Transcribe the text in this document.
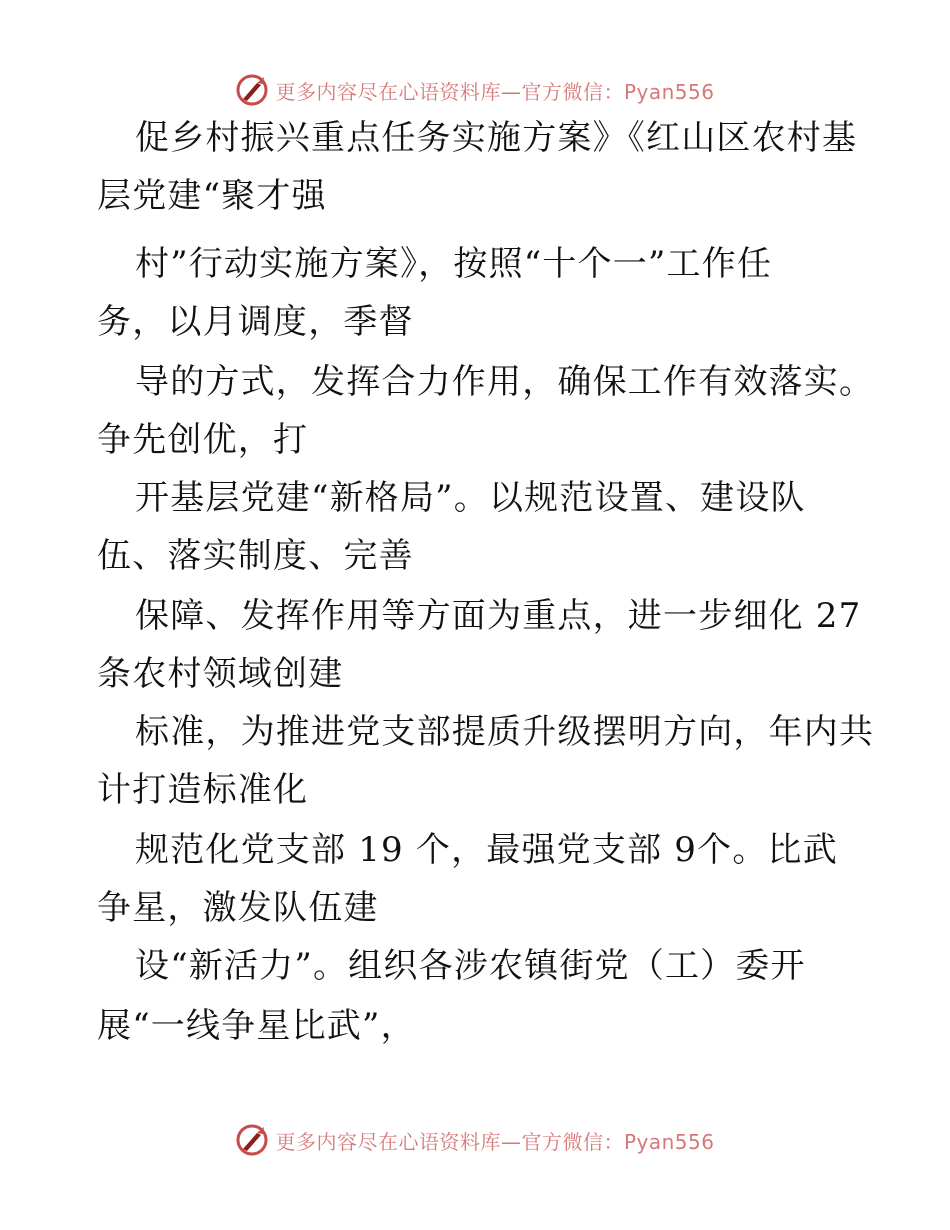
更多内容尽在心语资料库—官方微信：Pyan556
促乡村振兴重点任务实施方案》《红山区农村基
层党建“聚才强
村”行动实施方案》，按照“十个一”工作任
务，以月调度，季督
导的方式，发挥合力作用，确保工作有效落实。
争先创优，打
开基层党建“新格局”。以规范设置、建设队
伍、落实制度、完善
保障、发挥作用等方面为重点，进一步细化 27
条农村领域创建
标准，为推进党支部提质升级摆明方向，年内共
计打造标准化
规范化党支部 19 个，最强党支部 9个。比武
争星，激发队伍建
设“新活力”。组织各涉农镇街党（工）委开
展“一线争星比武”，
更多内容尽在心语资料库—官方微信：Pyan556
